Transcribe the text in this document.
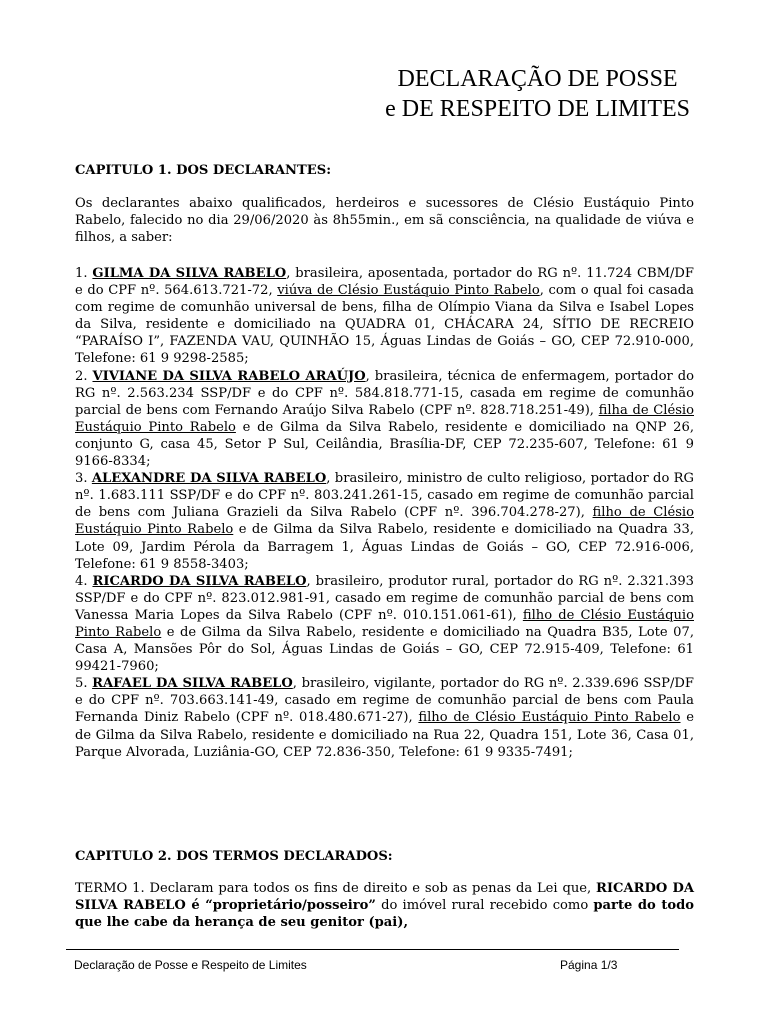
DECLARAÇÃO DE POSSE
e DE RESPEITO DE LIMITES
CAPITULO 1. DOS DECLARANTES:

Os declarantes abaixo qualificados, herdeiros e sucessores de Clésio Eustáquio Pinto Rabelo, falecido no dia 29/06/2020 às 8h55min., em sã consciência, na qualidade de viúva e filhos, a saber:

1. GILMA DA SILVA RABELO, brasileira, aposentada, portador do RG nº. 11.724 CBM/DF e do CPF nº. 564.613.721-72, viúva de Clésio Eustáquio Pinto Rabelo, com o qual foi casada com regime de comunhão universal de bens, filha de Olímpio Viana da Silva e Isabel Lopes da Silva, residente e domiciliado na QUADRA 01, CHÁCARA 24, SÍTIO DE RECREIO “PARAÍSO I”, FAZENDA VAU, QUINHÃO 15, Águas Lindas de Goiás – GO, CEP 72.910-000, Telefone: 61 9 9298-2585;

2. VIVIANE DA SILVA RABELO ARAÚJO, brasileira, técnica de enfermagem, portador do RG nº. 2.563.234 SSP/DF e do CPF nº. 584.818.771-15, casada em regime de comunhão parcial de bens com Fernando Araújo Silva Rabelo (CPF nº. 828.718.251-49), filha de Clésio Eustáquio Pinto Rabelo e de Gilma da Silva Rabelo, residente e domiciliado na QNP 26, conjunto G, casa 45, Setor P Sul, Ceilândia, Brasília-DF, CEP 72.235-607, Telefone: 61 9 9166-8334;

3. ALEXANDRE DA SILVA RABELO, brasileiro, ministro de culto religioso, portador do RG nº. 1.683.111 SSP/DF e do CPF nº. 803.241.261-15, casado em regime de comunhão parcial de bens com Juliana Grazieli da Silva Rabelo (CPF nº. 396.704.278-27), filho de Clésio Eustáquio Pinto Rabelo e de Gilma da Silva Rabelo, residente e domiciliado na Quadra 33, Lote 09, Jardim Pérola da Barragem 1, Águas Lindas de Goiás – GO, CEP 72.916-006, Telefone: 61 9 8558-3403;

4. RICARDO DA SILVA RABELO, brasileiro, produtor rural, portador do RG nº. 2.321.393 SSP/DF e do CPF nº. 823.012.981-91, casado em regime de comunhão parcial de bens com Vanessa Maria Lopes da Silva Rabelo (CPF nº. 010.151.061-61), filho de Clésio Eustáquio Pinto Rabelo e de Gilma da Silva Rabelo, residente e domiciliado na Quadra B35, Lote 07, Casa A, Mansões Pôr do Sol, Águas Lindas de Goiás – GO, CEP 72.915-409, Telefone: 61 99421-7960;

5. RAFAEL DA SILVA RABELO, brasileiro, vigilante, portador do RG nº. 2.339.696 SSP/DF e do CPF nº. 703.663.141-49, casado em regime de comunhão parcial de bens com Paula Fernanda Diniz Rabelo (CPF nº. 018.480.671-27), filho de Clésio Eustáquio Pinto Rabelo e de Gilma da Silva Rabelo, residente e domiciliado na Rua 22, Quadra 151, Lote 36, Casa 01, Parque Alvorada, Luziânia-GO, CEP 72.836-350, Telefone: 61 9 9335-7491;

CAPITULO 2. DOS TERMOS DECLARADOS:

TERMO 1. Declaram para todos os fins de direito e sob as penas da Lei que, RICARDO DA SILVA RABELO é “proprietário/posseiro” do imóvel rural recebido como parte do todo que lhe cabe da herança de seu genitor (pai),

Declaração de Posse e Respeito de Limites	Página 1/3
